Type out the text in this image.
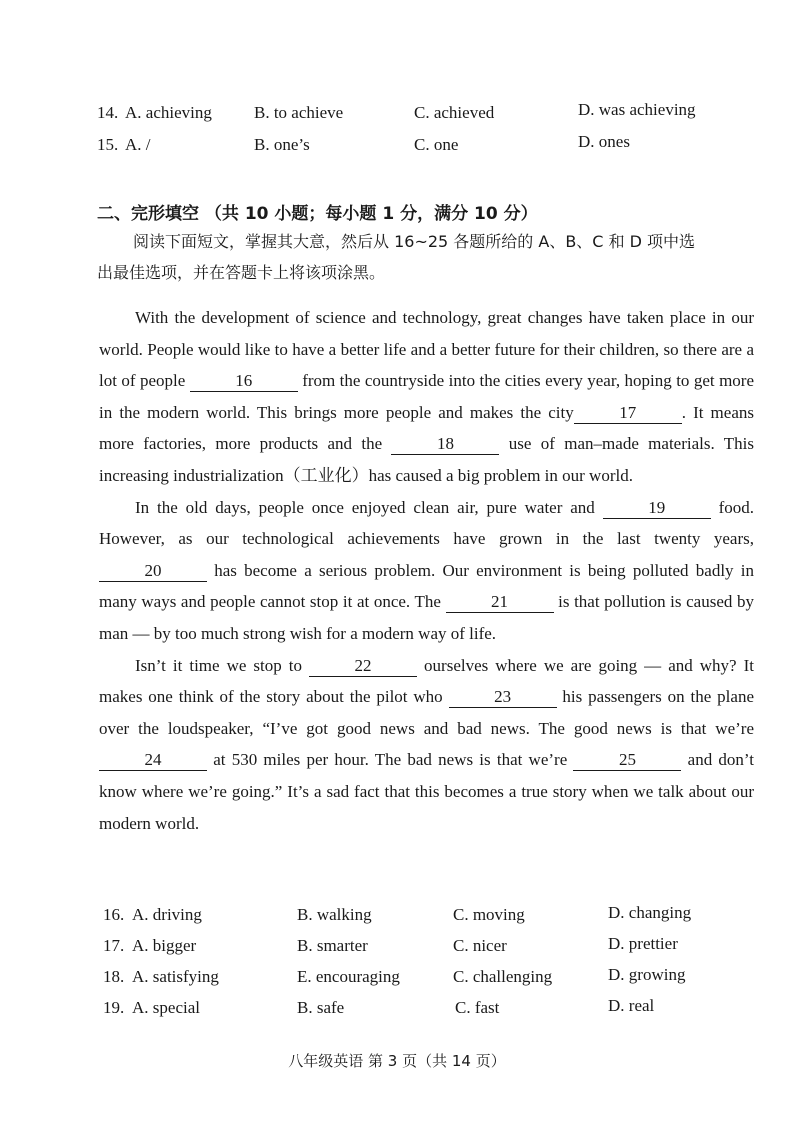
14. A. achieving B. to achieve	C. achieved	D. was achieving
15. A. /	B. one’s	C. one	D. ones
二、完形填空 （共 10 小题；每小题 1 分，满分 10 分）

阅读下面短文，掌握其大意，然后从 16~25 各题所给的 A、B、C 和 D 项中选

出最佳选项，并在答题卡上将该项涂黑。

With the development of science and technology, great changes have taken place in our world. People would like to have a better life and a better future for their children, so there are a lot of people	16	from the countryside into the cities every year, hoping to get more in the modern world. This brings more people and makes the city	17	. It means more factories, more products and the	18	use of man–made materials. This increasing industrialization（工业化）has caused a big problem in our world.

In the old days, people once enjoyed clean air, pure water and	19	food. However, as our technological achievements have grown in the last twenty years, 20	has become a serious problem. Our environment is being polluted badly in many ways and people cannot stop it at once. The	21	is that pollution is caused by man — by too much strong wish for a modern way of life.

Isn’t it time we stop to	22	ourselves where we are going — and why? It makes one think of the story about the pilot who	23	his passengers on the plane over the loudspeaker, “I’ve got good news and bad news. The good news is that we’re 24	at 530 miles per hour. The bad news is that we’re	25	and don’t know where we’re going.” It’s a sad fact that this becomes a true story when we talk about our modern world.

16. A. driving	B. walking	C. moving	D. changing
17. A. bigger	B. smarter	C. nicer	D. prettier
18. A. satisfying	E. encouraging	C. challenging	D. growing
19. A. special	B. safe	C. fast	D. real
八年级英语 第 3 页（共 14 页）
